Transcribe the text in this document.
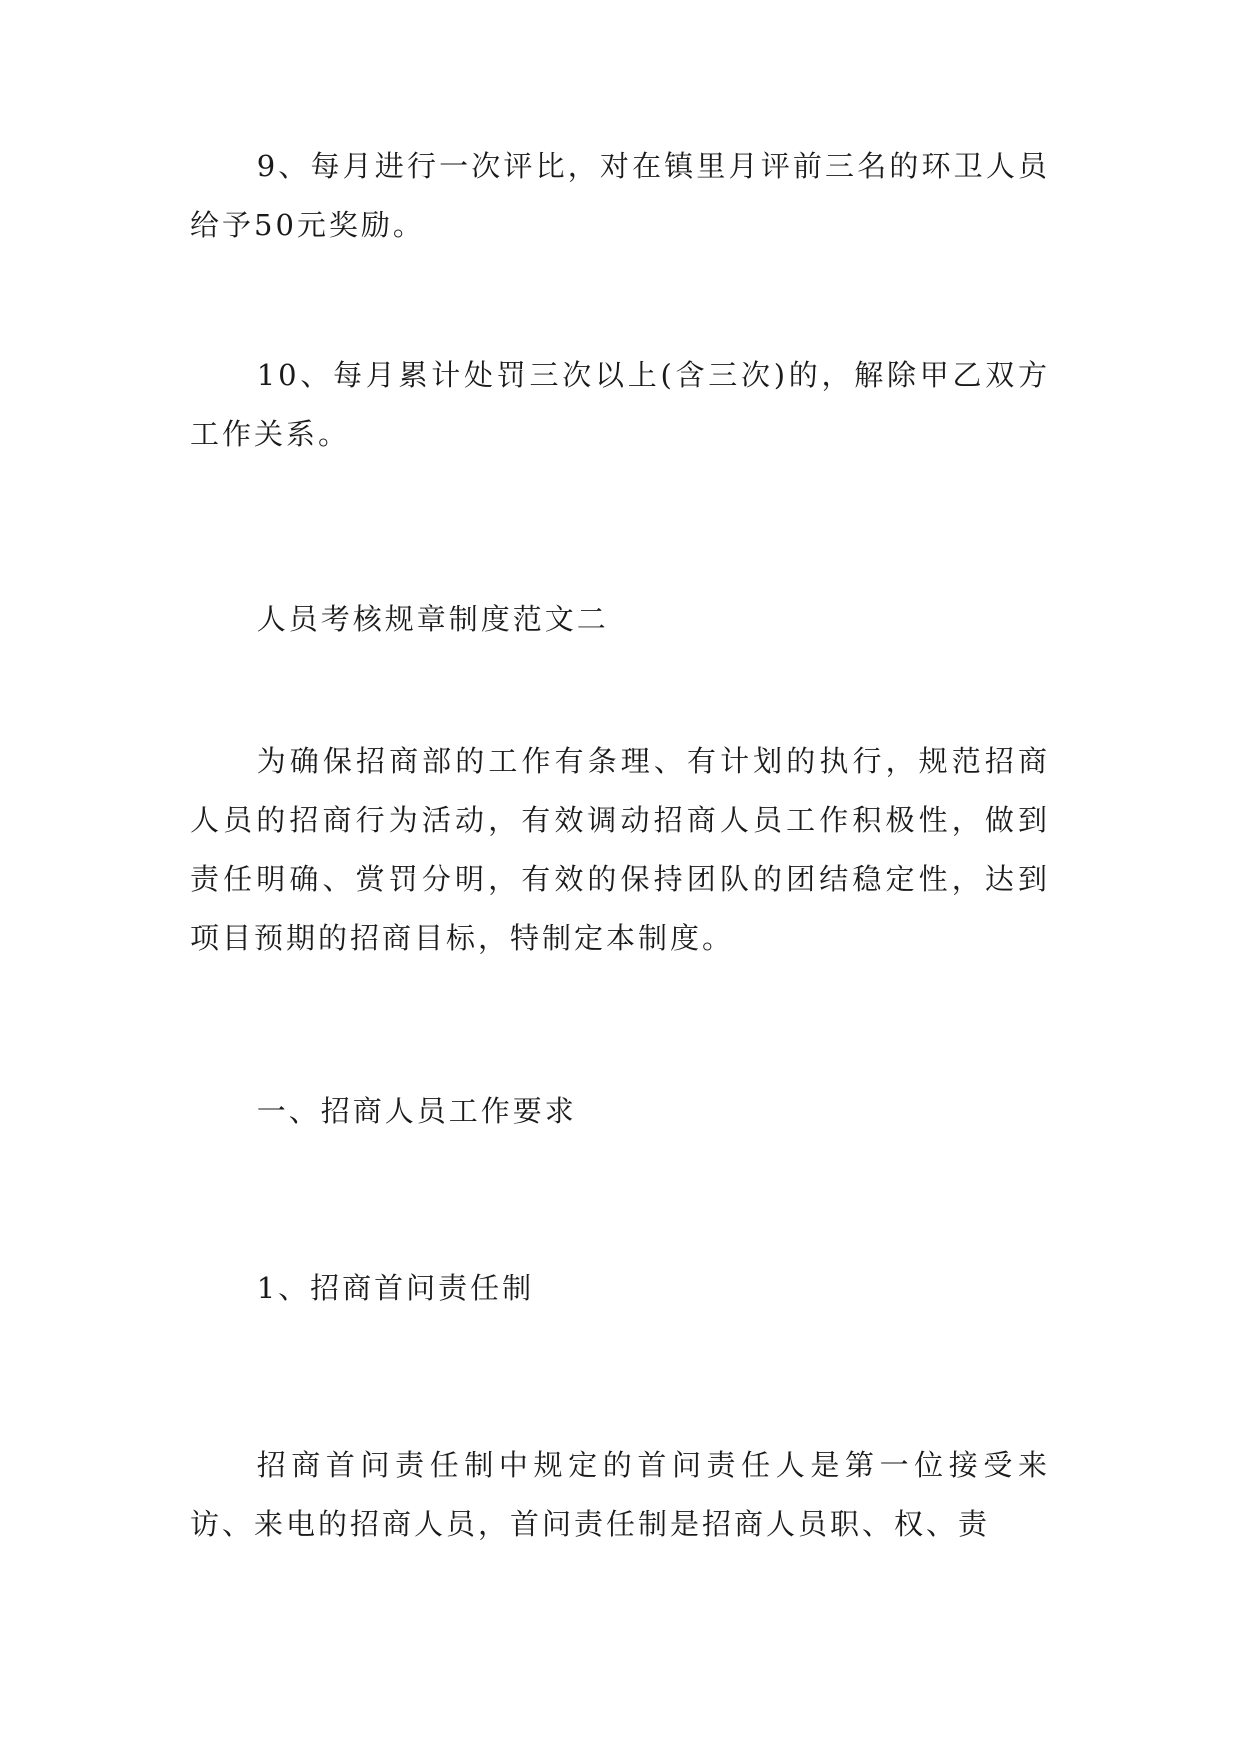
9、每月进行一次评比，对在镇里月评前三名的环卫人员给予50元奖励。

10、每月累计处罚三次以上(含三次)的，解除甲乙双方工作关系。

人员考核规章制度范文二

为确保招商部的工作有条理、有计划的执行，规范招商人员的招商行为活动，有效调动招商人员工作积极性，做到责任明确、赏罚分明，有效的保持团队的团结稳定性，达到项目预期的招商目标，特制定本制度。

一、招商人员工作要求

1、招商首问责任制

招商首问责任制中规定的首问责任人是第一位接受来访、来电的招商人员，首问责任制是招商人员职、权、责
